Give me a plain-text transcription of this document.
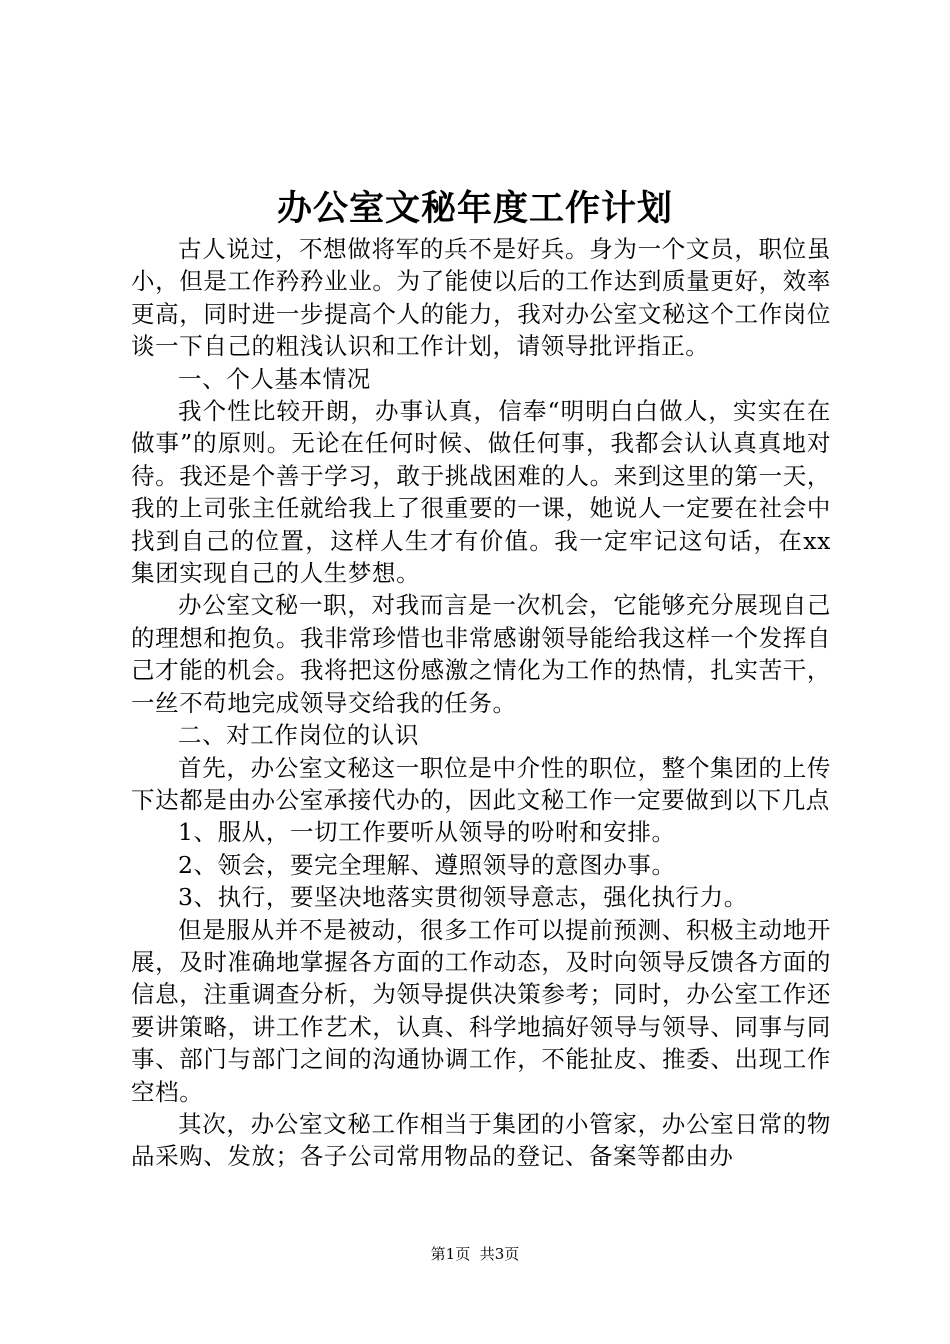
办公室文秘年度工作计划

古人说过，不想做将军的兵不是好兵。身为一个文员，职位虽小，但是工作矜矜业业。为了能使以后的工作达到质量更好，效率更高，同时进一步提高个人的能力，我对办公室文秘这个工作岗位谈一下自己的粗浅认识和工作计划，请领导批评指正。

一、个人基本情况

我个性比较开朗，办事认真，信奉“明明白白做人，实实在在做事”的原则。无论在任何时候、做任何事，我都会认认真真地对待。我还是个善于学习，敢于挑战困难的人。来到这里的第一天，我的上司张主任就给我上了很重要的一课，她说人一定要在社会中找到自己的位置，这样人生才有价值。我一定牢记这句话，在xx集团实现自己的人生梦想。

办公室文秘一职，对我而言是一次机会，它能够充分展现自己的理想和抱负。我非常珍惜也非常感谢领导能给我这样一个发挥自己才能的机会。我将把这份感激之情化为工作的热情，扎实苦干，一丝不苟地完成领导交给我的任务。

二、对工作岗位的认识

首先，办公室文秘这一职位是中介性的职位，整个集团的上传下达都是由办公室承接代办的，因此文秘工作一定要做到以下几点

1、服从，一切工作要听从领导的吩咐和安排。

2、领会，要完全理解、遵照领导的意图办事。

3、执行，要坚决地落实贯彻领导意志，强化执行力。

但是服从并不是被动，很多工作可以提前预测、积极主动地开展，及时准确地掌握各方面的工作动态，及时向领导反馈各方面的信息，注重调查分析，为领导提供决策参考；同时，办公室工作还要讲策略，讲工作艺术，认真、科学地搞好领导与领导、同事与同事、部门与部门之间的沟通协调工作，不能扯皮、推委、出现工作空档。

其次，办公室文秘工作相当于集团的小管家，办公室日常的物品采购、发放；各子公司常用物品的登记、备案等都由办

第1页 共3页
